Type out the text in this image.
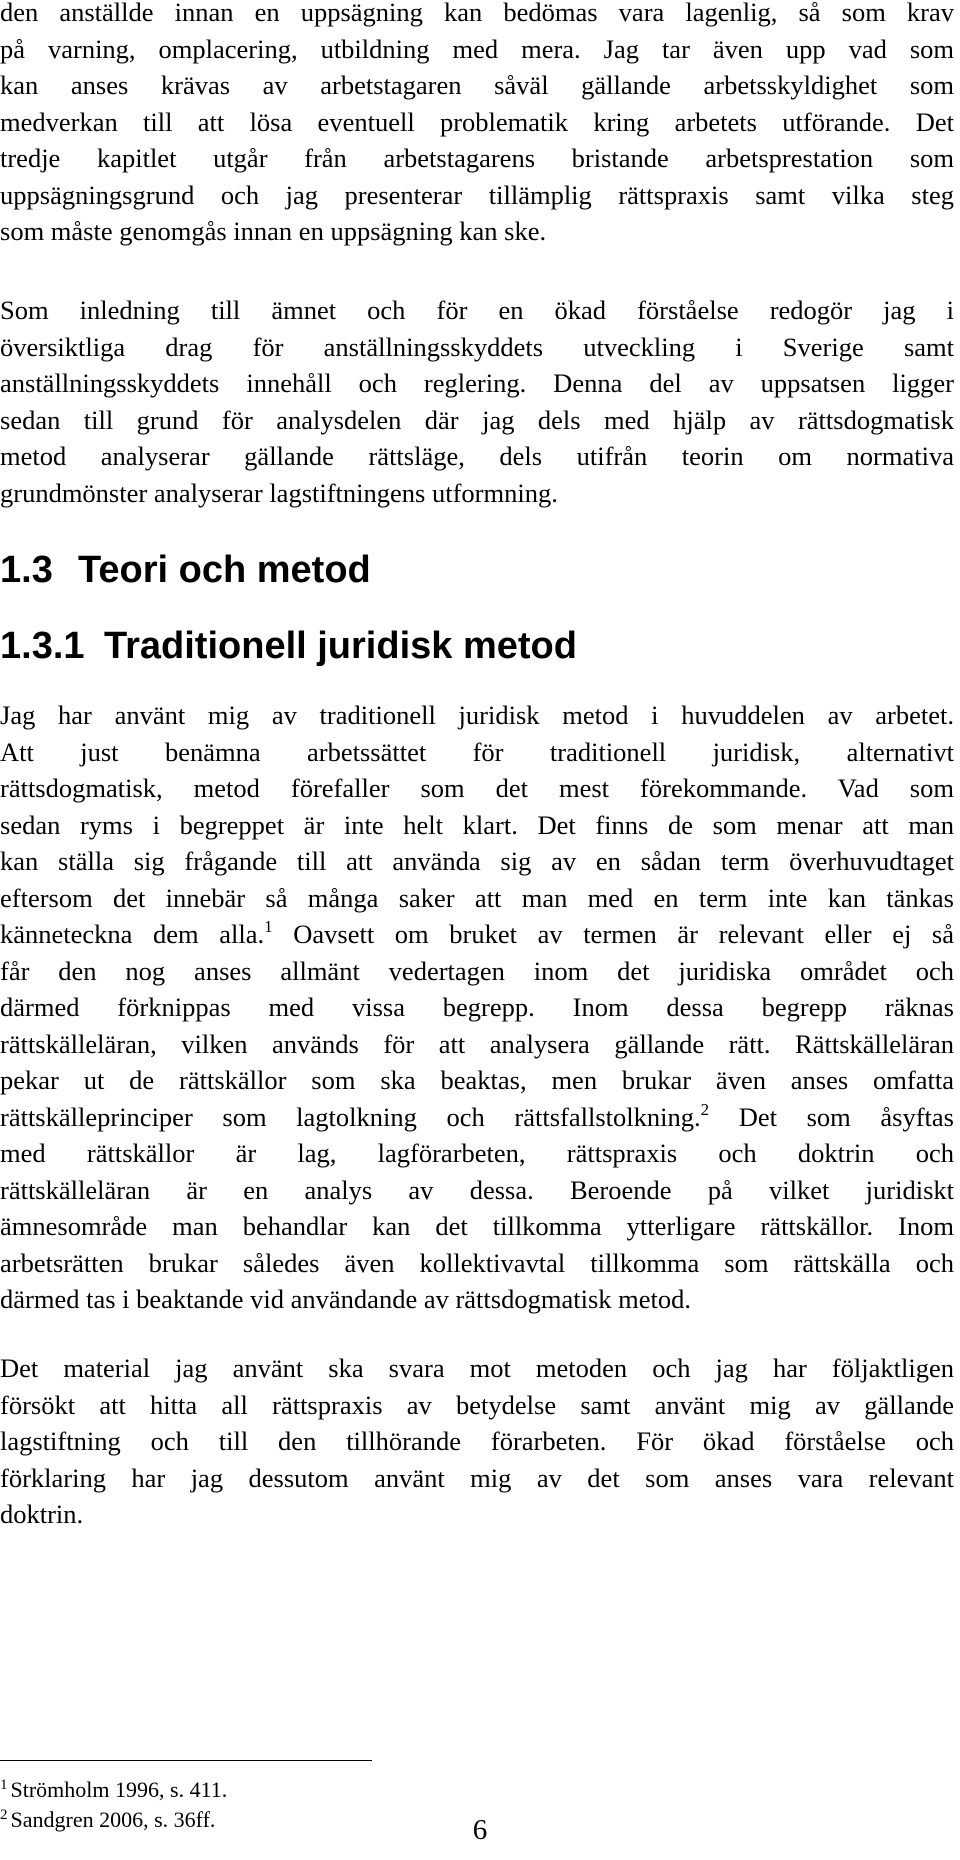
den anställde innan en uppsägning kan bedömas vara lagenlig, så som krav
på varning, omplacering, utbildning med mera. Jag tar även upp vad som
kan anses krävas av arbetstagaren såväl gällande arbetsskyldighet som
medverkan till att lösa eventuell problematik kring arbetets utförande. Det
tredje kapitlet utgår från arbetstagarens bristande arbetsprestation som
uppsägningsgrund och jag presenterar tillämplig rättspraxis samt vilka steg
som måste genomgås innan en uppsägning kan ske.

Som inledning till ämnet och för en ökad förståelse redogör jag i
översiktliga drag för anställningsskyddets utveckling i Sverige samt
anställningsskyddets innehåll och reglering. Denna del av uppsatsen ligger
sedan till grund för analysdelen där jag dels med hjälp av rättsdogmatisk
metod analyserar gällande rättsläge, dels utifrån teorin om normativa
grundmönster analyserar lagstiftningens utformning.

1.3 Teori och metod
1.3.1 Traditionell juridisk metod

Jag har använt mig av traditionell juridisk metod i huvuddelen av arbetet.
Att just benämna arbetssättet för traditionell juridisk, alternativt
rättsdogmatisk, metod förefaller som det mest förekommande. Vad som
sedan ryms i begreppet är inte helt klart. Det finns de som menar att man
kan ställa sig frågande till att använda sig av en sådan term överhuvudtaget
eftersom det innebär så många saker att man med en term inte kan tänkas
känneteckna dem alla.$^1$ Oavsett om bruket av termen är relevant eller ej så
får den nog anses allmänt vedertagen inom det juridiska området och
därmed förknippas med vissa begrepp. Inom dessa begrepp räknas
rättskälleläran, vilken används för att analysera gällande rätt. Rättskälleläran
pekar ut de rättskällor som ska beaktas, men brukar även anses omfatta
rättskälleprinciper som lagtolkning och rättsfallstolkning.$^2$ Det som åsyftas
med rättskällor är lag, lagförarbeten, rättspraxis och doktrin och
rättskälleläran är en analys av dessa. Beroende på vilket juridiskt
ämnesområde man behandlar kan det tillkomma ytterligare rättskällor. Inom
arbetsrätten brukar således även kollektivavtal tillkomma som rättskälla och
därmed tas i beaktande vid användande av rättsdogmatisk metod.

Det material jag använt ska svara mot metoden och jag har följaktligen
försökt att hitta all rättspraxis av betydelse samt använt mig av gällande
lagstiftning och till den tillhörande förarbeten. För ökad förståelse och
förklaring har jag dessutom använt mig av det som anses vara relevant
doktrin.

$^1$ Strömholm 1996, s. 411.
$^2$ Sandgren 2006, s. 36ff.	6
